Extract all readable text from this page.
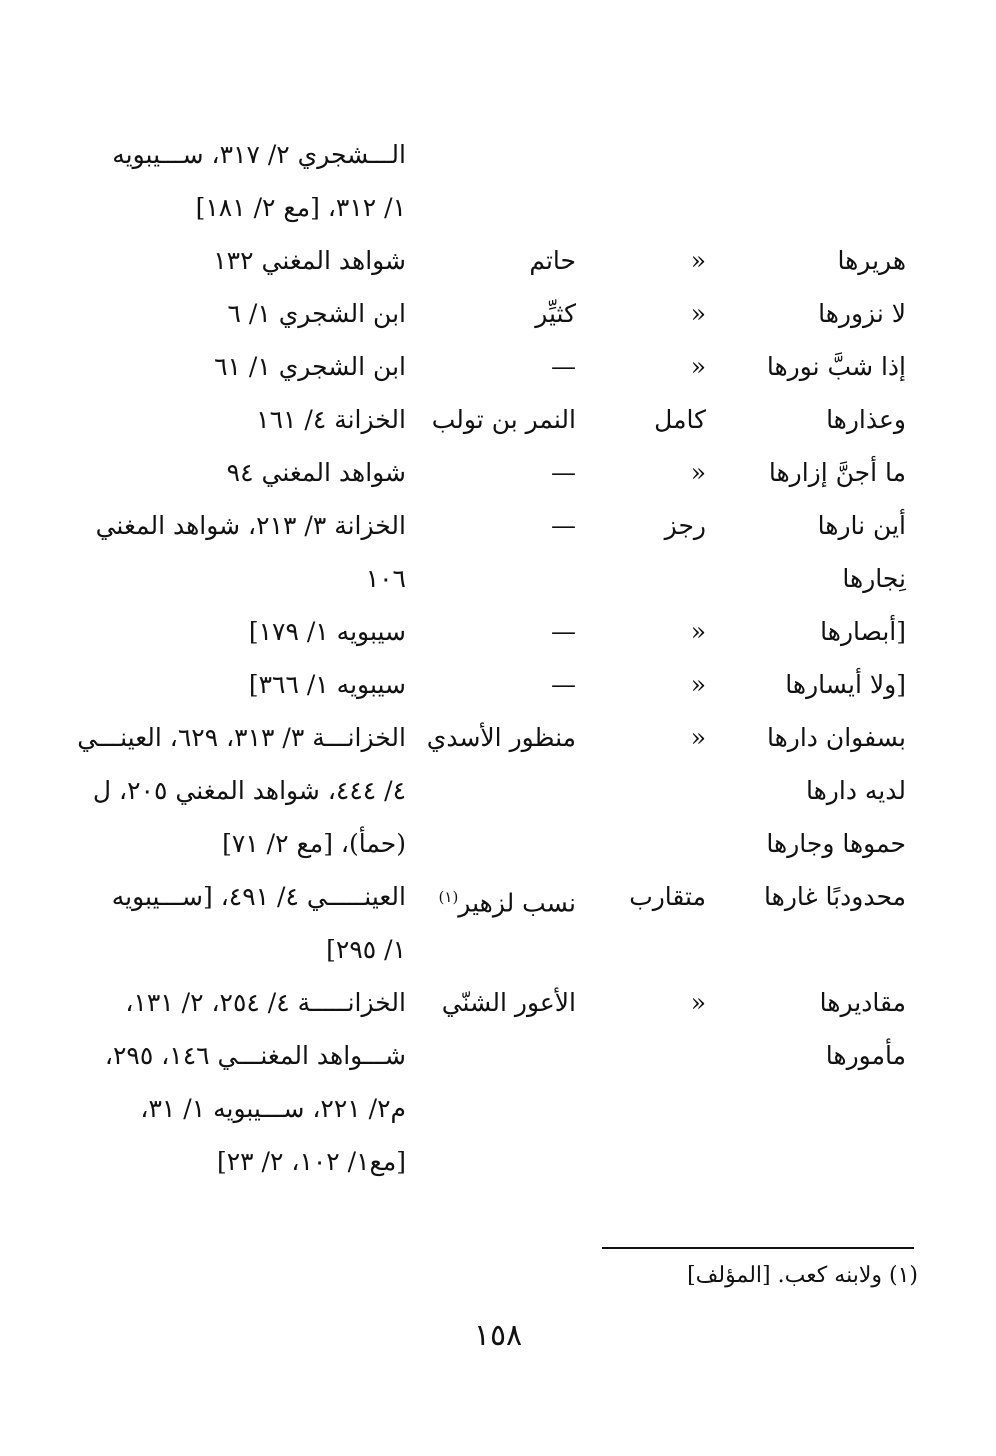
الـــشجري ٢/ ٣١٧، ســـيبويه
١/ ٣١٢، [مع ٢/ ١٨١]
هريرها
«
حاتم
شواهد المغني ١٣٢
لا نزورها
«
كثيِّر
ابن الشجري ١/ ٦
إذا شبَّ نورها
«
—
ابن الشجري ١/ ٦١
وعذارها
كامل
النمر بن تولب
الخزانة ٤/ ١٦١
ما أجنَّ إزارها
«
—
شواهد المغني ٩٤
أين نارها
رجز
—
الخزانة ٣/ ٢١٣، شواهد المغني
نِجارها
١٠٦
[أبصارها
«
—
سيبويه ١/ ١٧٩]
[ولا أيسارها
«
—
سيبويه ١/ ٣٦٦]
بسفوان دارها
«
منظور الأسدي
الخزانـــة ٣/ ٣١٣، ٦٢٩، العينـــي
لديه دارها
٤/ ٤٤٤، شواهد المغني ٢٠٥، ل
حموها وجارها
(حمأ)، [مع ٢/ ٧١]
محدودبًا غارها
متقارب
نسب لزهير$^{(١)}$
العينـــــي ٤/ ٤٩١، [ســـيبويه
١/ ٢٩٥]
مقاديرها
«
الأعور الشنّي
الخزانـــــة ٤/ ٢٥٤، ٢/ ١٣١،
مأمورها
شـــواهد المغنـــي ١٤٦، ٢٩٥،
م٢/ ٢٢١، ســـيبويه ١/ ٣١،
[مع١/ ١٠٢، ٢/ ٢٣]
(١) ولابنه كعب. [المؤلف]
١٥٨
